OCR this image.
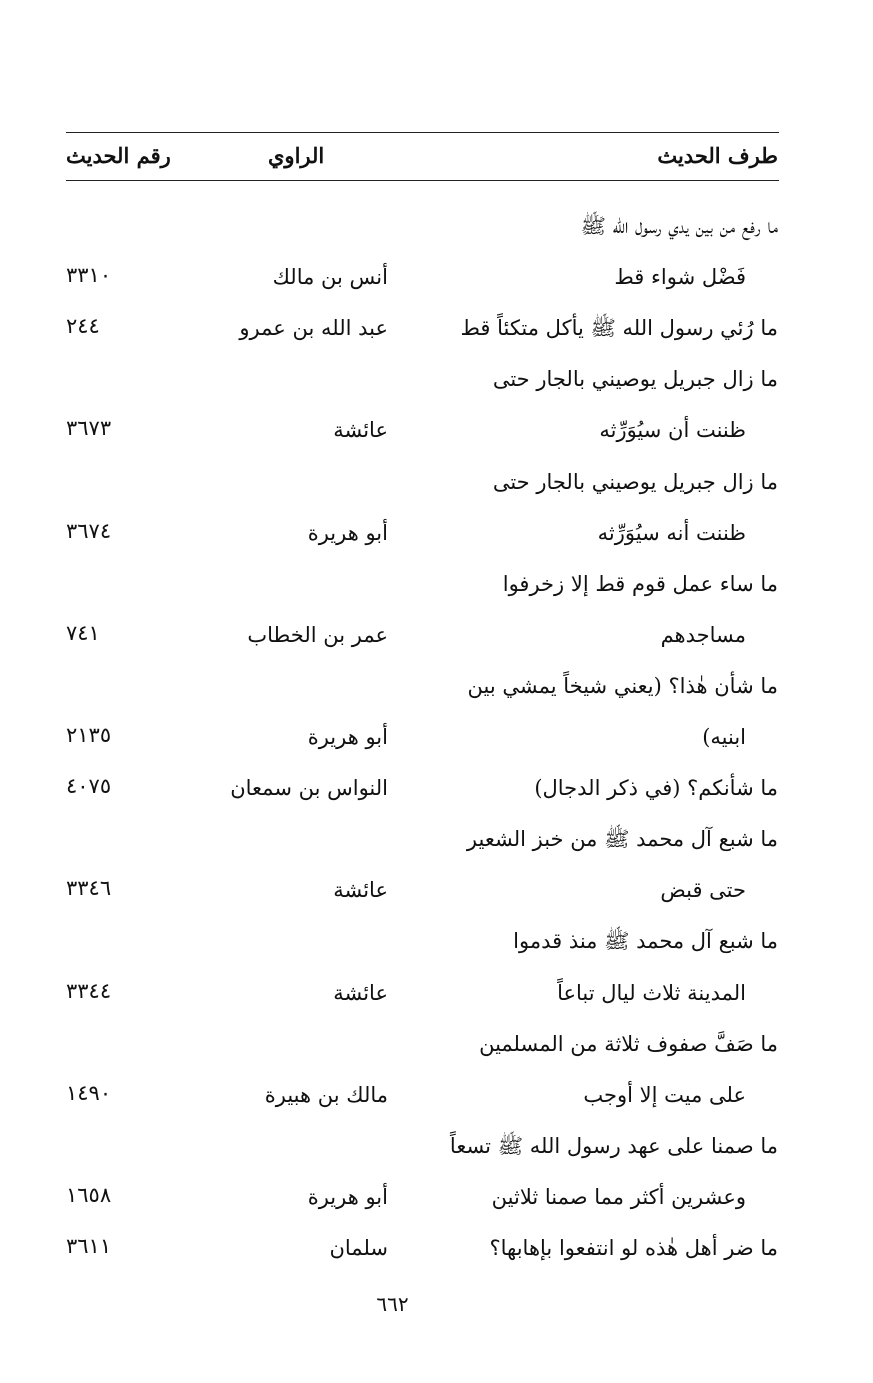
طرف الحديث
الراوي
رقم الحديث
ما رفع من بين يدي رسول الله ﷺ
فَضْل شواء قط
أنس بن مالك
٣٣١٠
ما رُئي رسول الله ﷺ يأكل متكئاً قط
عبد الله بن عمرو
٢٤٤
ما زال جبريل يوصيني بالجار حتى
ظننت أن سيُوَرِّثه
عائشة
٣٦٧٣
ما زال جبريل يوصيني بالجار حتى
ظننت أنه سيُوَرِّثه
أبو هريرة
٣٦٧٤
ما ساء عمل قوم قط إلا زخرفوا
مساجدهم
عمر بن الخطاب
٧٤١
ما شأن هٰذا؟ (يعني شيخاً يمشي بين
ابنيه)
أبو هريرة
٢١٣٥
ما شأنكم؟ (في ذكر الدجال)
النواس بن سمعان
٤٠٧٥
ما شبع آل محمد ﷺ من خبز الشعير
حتى قبض
عائشة
٣٣٤٦
ما شبع آل محمد ﷺ منذ قدموا
المدينة ثلاث ليال تباعاً
عائشة
٣٣٤٤
ما صَفَّ صفوف ثلاثة من المسلمين
على ميت إلا أوجب
مالك بن هبيرة
١٤٩٠
ما صمنا على عهد رسول الله ﷺ تسعاً
وعشرين أكثر مما صمنا ثلاثين
أبو هريرة
١٦٥٨
ما ضر أهل هٰذه لو انتفعوا بإهابها؟
سلمان
٣٦١١
٦٦٢
